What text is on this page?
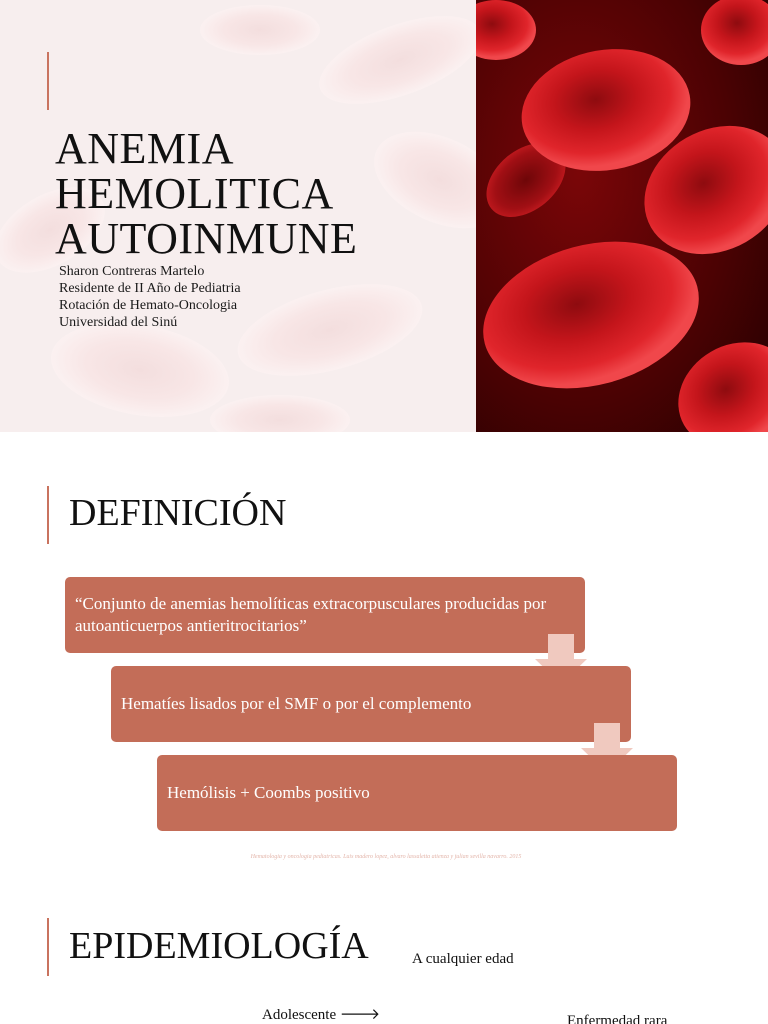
ANEMIA
HEMOLITICA
AUTOINMUNE
Sharon Contreras Martelo
Residente de II Año de Pediatria
Rotación de Hemato-Oncologia
Universidad del Sinú
DEFINICIÓN
“Conjunto de anemias hemolíticas extracorpusculares producidas por autoanticuerpos antieritrocitarios”
Hematíes lisados por el SMF o por el complemento
Hemólisis + Coombs positivo
Hematologia y oncologia pediatricas. Luis madero lopez, alvaro lassaletta atienza y julian sevilla navarro. 2015
EPIDEMIOLOGÍA	A cualquier edad
Adolescente 🡒	Enfermedad rara
